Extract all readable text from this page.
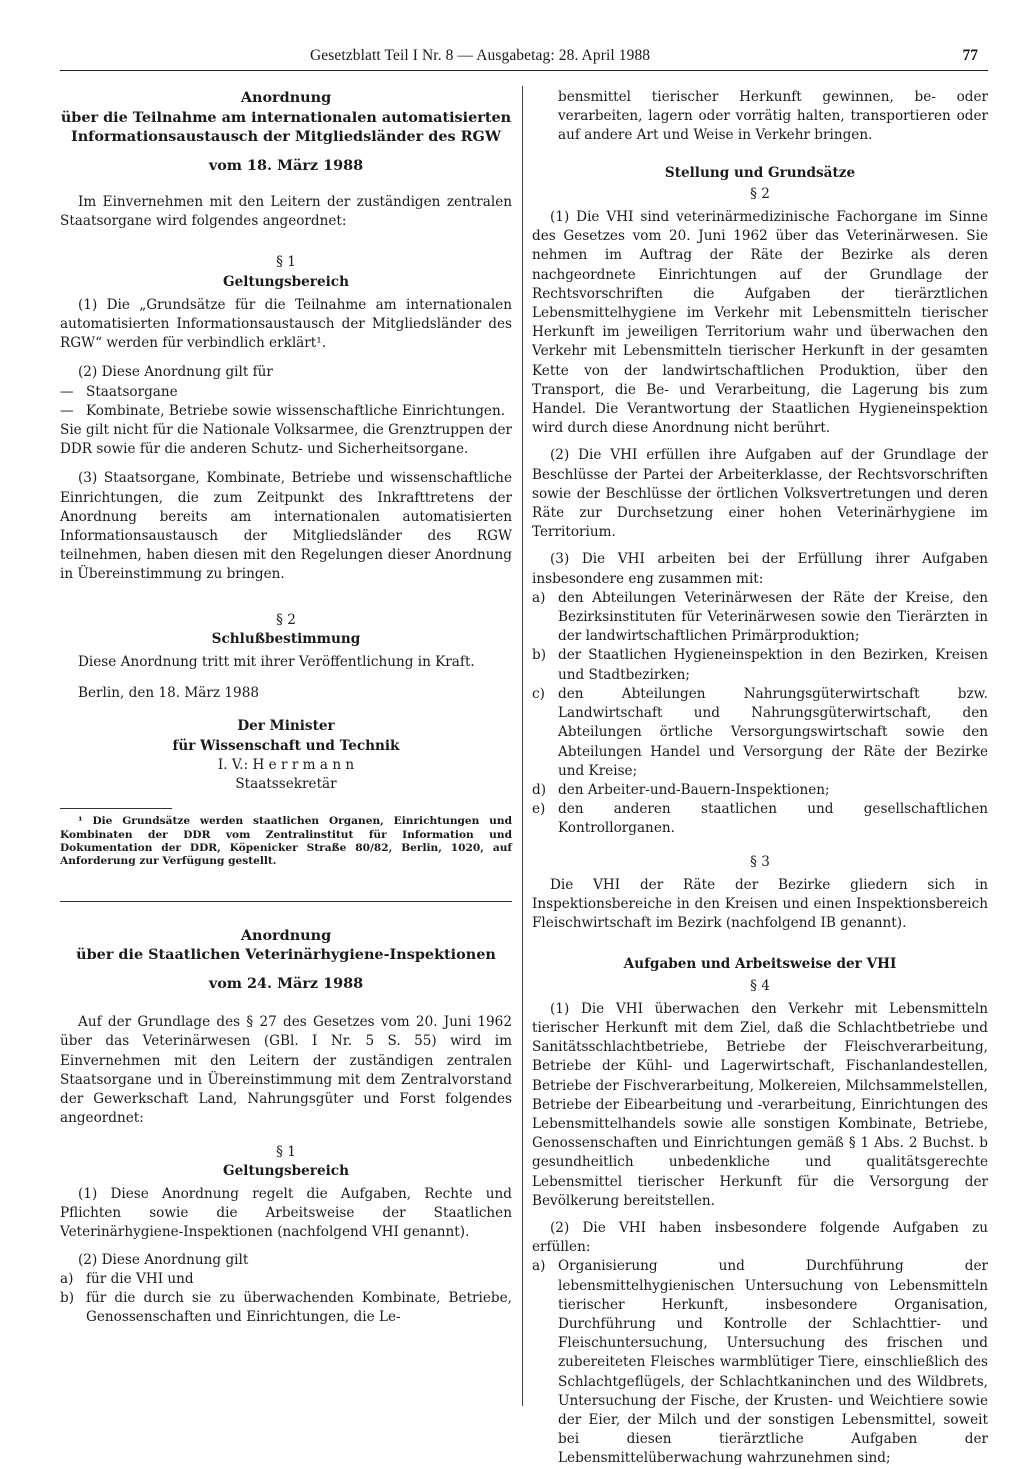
Gesetzblatt Teil I Nr. 8 — Ausgabetag: 28. April 1988	77
Anordnung
über die Teilnahme am internationalen automatisierten
Informationsaustausch der Mitgliedsländer des RGW
vom 18. März 1988

Im Einvernehmen mit den Leitern der zuständigen zentralen Staatsorgane wird folgendes angeordnet:

§ 1
Geltungsbereich

(1) Die „Grundsätze für die Teilnahme am internationalen automatisierten Informationsaustausch der Mitgliedsländer des RGW“ werden für verbindlich erklärt¹.

(2) Diese Anordnung gilt für

— Staatsorgane
— Kombinate, Betriebe sowie wissenschaftliche Einrichtungen.

Sie gilt nicht für die Nationale Volksarmee, die Grenztruppen der DDR sowie für die anderen Schutz- und Sicherheitsorgane.

(3) Staatsorgane, Kombinate, Betriebe und wissenschaftliche Einrichtungen, die zum Zeitpunkt des Inkrafttretens der Anordnung bereits am internationalen automatisierten Informationsaustausch der Mitgliedsländer des RGW teilnehmen, haben diesen mit den Regelungen dieser Anordnung in Übereinstimmung zu bringen.

§ 2
Schlußbestimmung

Diese Anordnung tritt mit ihrer Veröffentlichung in Kraft.

Berlin, den 18. März 1988

Der Minister
für Wissenschaft und Technik
I. V.: H e r r m a n n
Staatssekretär

¹ Die Grundsätze werden staatlichen Organen, Einrichtungen und Kombinaten der DDR vom Zentralinstitut für Information und Dokumentation der DDR, Köpenicker Straße 80/82, Berlin, 1020, auf Anforderung zur Verfügung gestellt.

Anordnung
über die Staatlichen Veterinärhygiene-Inspektionen
vom 24. März 1988

Auf der Grundlage des § 27 des Gesetzes vom 20. Juni 1962 über das Veterinärwesen (GBl. I Nr. 5 S. 55) wird im Einvernehmen mit den Leitern der zuständigen zentralen Staatsorgane und in Übereinstimmung mit dem Zentralvorstand der Gewerkschaft Land, Nahrungsgüter und Forst folgendes angeordnet:

§ 1
Geltungsbereich

(1) Diese Anordnung regelt die Aufgaben, Rechte und Pflichten sowie die Arbeitsweise der Staatlichen Veterinärhygiene-Inspektionen (nachfolgend VHI genannt).

(2) Diese Anordnung gilt

a) für die VHI und
b) für die durch sie zu überwachenden Kombinate, Betriebe, Genossenschaften und Einrichtungen, die Le-

bensmittel tierischer Herkunft gewinnen, be- oder verarbeiten, lagern oder vorrätig halten, transportieren oder auf andere Art und Weise in Verkehr bringen.

Stellung und Grundsätze
§ 2

(1) Die VHI sind veterinärmedizinische Fachorgane im Sinne des Gesetzes vom 20. Juni 1962 über das Veterinärwesen. Sie nehmen im Auftrag der Räte der Bezirke als deren nachgeordnete Einrichtungen auf der Grundlage der Rechtsvorschriften die Aufgaben der tierärztlichen Lebensmittelhygiene im Verkehr mit Lebensmitteln tierischer Herkunft im jeweiligen Territorium wahr und überwachen den Verkehr mit Lebensmitteln tierischer Herkunft in der gesamten Kette von der landwirtschaftlichen Produktion, über den Transport, die Be- und Verarbeitung, die Lagerung bis zum Handel. Die Verantwortung der Staatlichen Hygieneinspektion wird durch diese Anordnung nicht berührt.

(2) Die VHI erfüllen ihre Aufgaben auf der Grundlage der Beschlüsse der Partei der Arbeiterklasse, der Rechtsvorschriften sowie der Beschlüsse der örtlichen Volksvertretungen und deren Räte zur Durchsetzung einer hohen Veterinärhygiene im Territorium.

(3) Die VHI arbeiten bei der Erfüllung ihrer Aufgaben insbesondere eng zusammen mit:

a) den Abteilungen Veterinärwesen der Räte der Kreise, den Bezirksinstituten für Veterinärwesen sowie den Tierärzten in der landwirtschaftlichen Primärproduktion;
b) der Staatlichen Hygieneinspektion in den Bezirken, Kreisen und Stadtbezirken;
c) den Abteilungen Nahrungsgüterwirtschaft bzw. Landwirtschaft und Nahrungsgüterwirtschaft, den Abteilungen örtliche Versorgungswirtschaft sowie den Abteilungen Handel und Versorgung der Räte der Bezirke und Kreise;
d) den Arbeiter-und-Bauern-Inspektionen;
e) den anderen staatlichen und gesellschaftlichen Kontrollorganen.
§ 3

Die VHI der Räte der Bezirke gliedern sich in Inspektionsbereiche in den Kreisen und einen Inspektionsbereich Fleischwirtschaft im Bezirk (nachfolgend IB genannt).

Aufgaben und Arbeitsweise der VHI
§ 4

(1) Die VHI überwachen den Verkehr mit Lebensmitteln tierischer Herkunft mit dem Ziel, daß die Schlachtbetriebe und Sanitätsschlachtbetriebe, Betriebe der Fleischverarbeitung, Betriebe der Kühl- und Lagerwirtschaft, Fischanlandestellen, Betriebe der Fischverarbeitung, Molkereien, Milchsammelstellen, Betriebe der Eibearbeitung und -verarbeitung, Einrichtungen des Lebensmittelhandels sowie alle sonstigen Kombinate, Betriebe, Genossenschaften und Einrichtungen gemäß § 1 Abs. 2 Buchst. b gesundheitlich unbedenkliche und qualitätsgerechte Lebensmittel tierischer Herkunft für die Versorgung der Bevölkerung bereitstellen.

(2) Die VHI haben insbesondere folgende Aufgaben zu erfüllen:

a) Organisierung und Durchführung der lebensmittelhygienischen Untersuchung von Lebensmitteln tierischer Herkunft, insbesondere Organisation, Durchführung und Kontrolle der Schlachttier- und Fleischuntersuchung, Untersuchung des frischen und zubereiteten Fleisches warmblütiger Tiere, einschließlich des Schlachtgeflügels, der Schlachtkaninchen und des Wildbrets, Untersuchung der Fische, der Krusten- und Weichtiere sowie der Eier, der Milch und der sonstigen Lebensmittel, soweit bei diesen tierärztliche Aufgaben der Lebensmittelüberwachung wahrzunehmen sind;
